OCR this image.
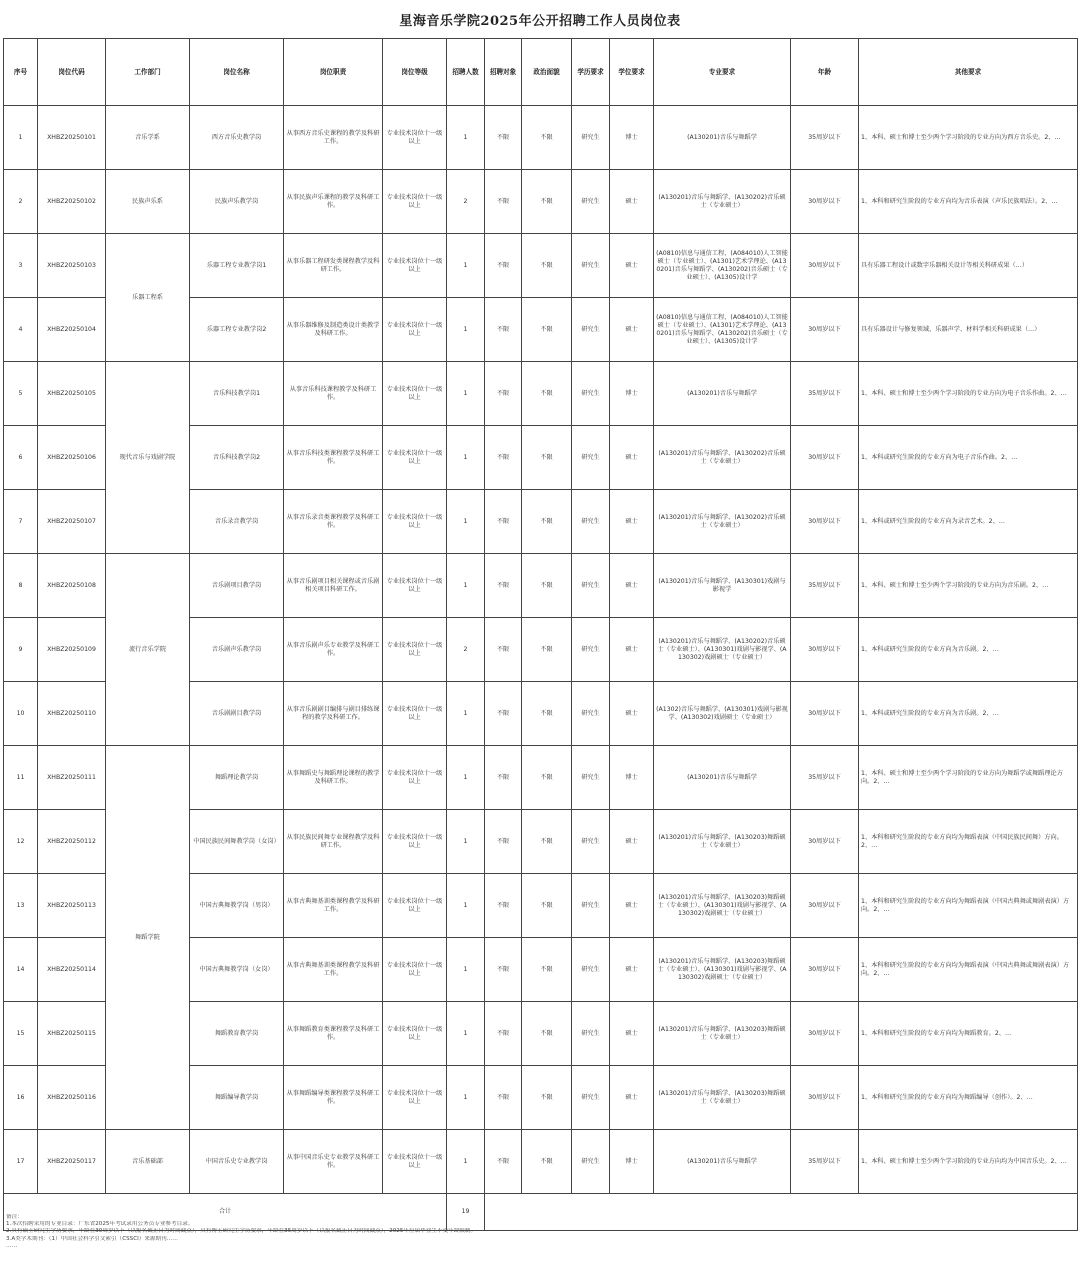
星海音乐学院2025年公开招聘工作人员岗位表
序号	岗位代码	工作部门	岗位名称	岗位职责	岗位等级	招聘人数	招聘对象	政治面貌	学历要求	学位要求	专业要求	年龄	其他要求
1	XHBZ20250101	音乐学系	西方音乐史教学岗	从事西方音乐史课程的教学及科研工作。	专业技术岗位十一级以上	1	不限	不限	研究生	博士	(A130201)音乐与舞蹈学	35周岁以下	1、本科、硕士和博士至少两个学习阶段的专业方向为西方音乐史。2、…
2	XHBZ20250102	民族声乐系	民族声乐教学岗	从事民族声乐课程的教学及科研工作。	专业技术岗位十一级以上	2	不限	不限	研究生	硕士	(A130201)音乐与舞蹈学、(A130202)音乐硕士（专业硕士）	30周岁以下	1、本科和研究生阶段的专业方向均为音乐表演（声乐民族唱法）。2、…
3	XHBZ20250103	乐器工程系	乐器工程专业教学岗1	从事乐器工程研发类课程教学及科研工作。	专业技术岗位十一级以上	1	不限	不限	研究生	硕士	(A0810)信息与通信工程、(A084010)人工智能硕士（专业硕士）、(A1301)艺术学理论、(A130201)音乐与舞蹈学、(A130202)音乐硕士（专业硕士）、(A1305)设计学	30周岁以下	具有乐器工程设计或数字乐器相关设计等相关科研成果（…）
4	XHBZ20250104		乐器工程专业教学岗2	从事乐器维修及制造类设计类教学及科研工作。	专业技术岗位十一级以上	1	不限	不限	研究生	硕士	(A0810)信息与通信工程、(A084010)人工智能硕士（专业硕士）、(A1301)艺术学理论、(A130201)音乐与舞蹈学、(A130202)音乐硕士（专业硕士）、(A1305)设计学	30周岁以下	具有乐器设计与修复领域、乐器声学、材料学相关科研成果（…）
5	XHBZ20250105	现代音乐与戏剧学院	音乐科技教学岗1	从事音乐科技课程教学及科研工作。	专业技术岗位十一级以上	1	不限	不限	研究生	博士	(A130201)音乐与舞蹈学	35周岁以下	1、本科、硕士和博士至少两个学习阶段的专业方向为电子音乐作曲。2、…
6	XHBZ20250106		音乐科技教学岗2	从事音乐科技类课程教学及科研工作。	专业技术岗位十一级以上	1	不限	不限	研究生	硕士	(A130201)音乐与舞蹈学、(A130202)音乐硕士（专业硕士）	30周岁以下	1、本科或研究生阶段的专业方向为电子音乐作曲。2、…
7	XHBZ20250107		音乐录音教学岗	从事音乐录音类课程教学及科研工作。	专业技术岗位十一级以上	1	不限	不限	研究生	硕士	(A130201)音乐与舞蹈学、(A130202)音乐硕士（专业硕士）	30周岁以下	1、本科或研究生阶段的专业方向为录音艺术。2、…
8	XHBZ20250108	流行音乐学院	音乐剧项目教学岗	从事音乐剧项目相关课程或音乐剧相关项目科研工作。	专业技术岗位十一级以上	1	不限	不限	研究生	硕士	(A130201)音乐与舞蹈学、(A130301)戏剧与影视学	35周岁以下	1、本科、硕士和博士至少两个学习阶段的专业方向为音乐剧。2、…
9	XHBZ20250109		音乐剧声乐教学岗	从事音乐剧声乐专业教学及科研工作。	专业技术岗位十一级以上	2	不限	不限	研究生	硕士	(A130201)音乐与舞蹈学、(A130202)音乐硕士（专业硕士）、(A130301)戏剧与影视学、(A130302)戏剧硕士（专业硕士）	30周岁以下	1、本科或研究生阶段的专业方向为音乐剧。2、…
10	XHBZ20250110		音乐剧剧目教学岗	从事音乐剧剧目编排与剧目排练课程的教学及科研工作。	专业技术岗位十一级以上	1	不限	不限	研究生	硕士	(A1302)音乐与舞蹈学、(A130301)戏剧与影视学、(A130302)戏剧硕士（专业硕士）	30周岁以下	1、本科或研究生阶段的专业方向为音乐剧。2、…
11	XHBZ20250111	舞蹈学院	舞蹈理论教学岗	从事舞蹈史与舞蹈理论课程的教学及科研工作。	专业技术岗位十一级以上	1	不限	不限	研究生	博士	(A130201)音乐与舞蹈学	35周岁以下	1、本科、硕士和博士至少两个学习阶段的专业方向为舞蹈学或舞蹈理论方向。2、…
12	XHBZ20250112		中国民族民间舞教学岗（女岗）	从事民族民间舞专业课程教学及科研工作。	专业技术岗位十一级以上	1	不限	不限	研究生	硕士	(A130201)音乐与舞蹈学、(A130203)舞蹈硕士（专业硕士）	30周岁以下	1、本科和研究生阶段的专业方向均为舞蹈表演（中国民族民间舞）方向。2、…
13	XHBZ20250113		中国古典舞教学岗（男岗）	从事古典舞基训类课程教学及科研工作。	专业技术岗位十一级以上	1	不限	不限	研究生	硕士	(A130201)音乐与舞蹈学、(A130203)舞蹈硕士（专业硕士）、(A130301)戏剧与影视学、(A130302)戏剧硕士（专业硕士）	30周岁以下	1、本科和研究生阶段的专业方向均为舞蹈表演（中国古典舞或舞剧表演）方向。2、…
14	XHBZ20250114		中国古典舞教学岗（女岗）	从事古典舞基训类课程教学及科研工作。	专业技术岗位十一级以上	1	不限	不限	研究生	硕士	(A130201)音乐与舞蹈学、(A130203)舞蹈硕士（专业硕士）、(A130301)戏剧与影视学、(A130302)戏剧硕士（专业硕士）	30周岁以下	1、本科和研究生阶段的专业方向均为舞蹈表演（中国古典舞或舞剧表演）方向。2、…
15	XHBZ20250115		舞蹈教育教学岗	从事舞蹈教育类课程教学及科研工作。	专业技术岗位十一级以上	1	不限	不限	研究生	硕士	(A130201)音乐与舞蹈学、(A130203)舞蹈硕士（专业硕士）	30周岁以下	1、本科和研究生阶段的专业方向均为舞蹈教育。2、…
16	XHBZ20250116		舞蹈编导教学岗	从事舞蹈编导类课程教学及科研工作。	专业技术岗位十一级以上	1	不限	不限	研究生	硕士	(A130201)音乐与舞蹈学、(A130203)舞蹈硕士（专业硕士）	30周岁以下	1、本科和研究生阶段的专业方向均为舞蹈编导（创作）。2、…
17	XHBZ20250117	音乐基础部	中国音乐史专业教学岗	从事中国音乐史专业教学及科研工作。	专业技术岗位十一级以上	1	不限	不限	研究生	博士	(A130201)音乐与舞蹈学	35周岁以下	1、本科、硕士和博士至少两个学习阶段的专业方向均为中国音乐史。2、…
合计						19							
备注：
1.本次招聘采用的专业目录：广东省2025年考试录用公务员专业参考目录。
2.具有硕士研究生学历要求，年龄在30周岁以下（以报名截止日为时间截点），具有博士研究生学历要求，年龄在35周岁以下（以报名截止日为时间截点），2025年应届毕业生不受年龄限制。
3.A类学术期刊：（1）中国社会科学引文索引（CSSCI）来源期刊……
……
